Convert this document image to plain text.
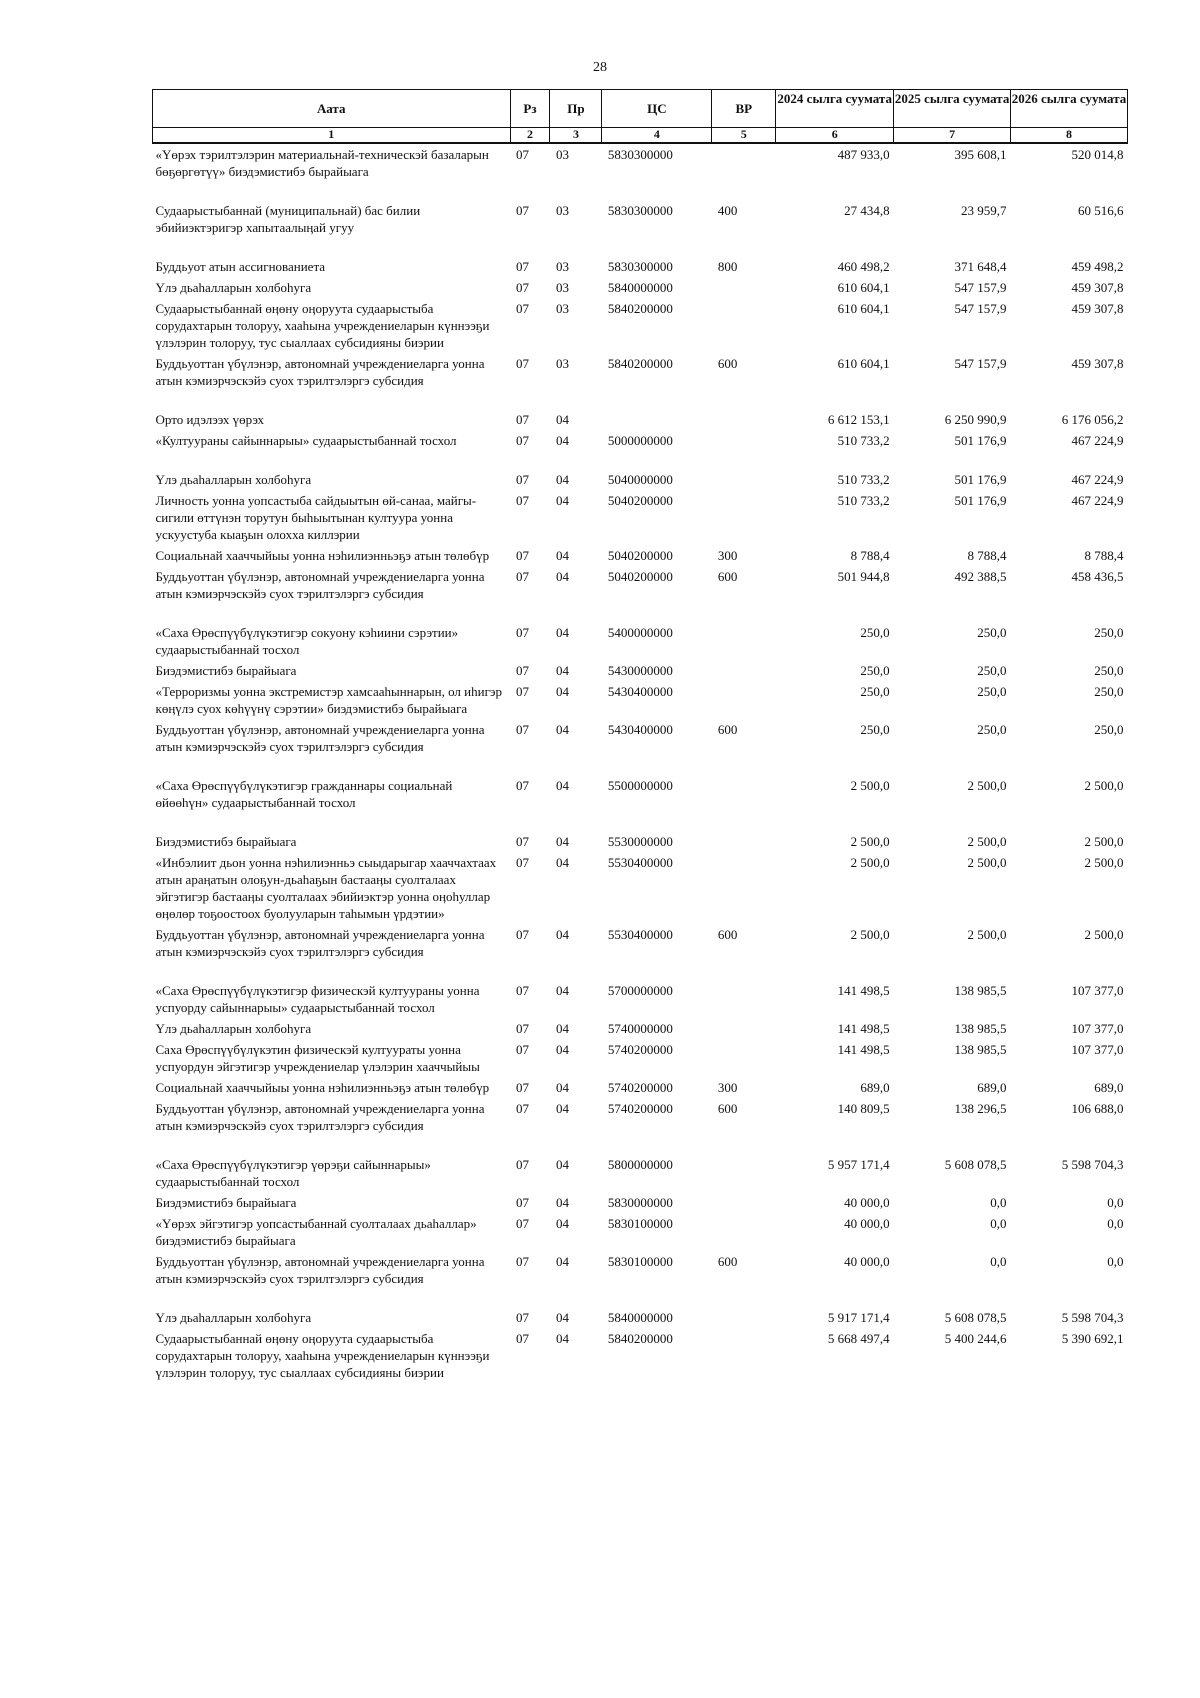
28
Аата	Рз	Пр	ЦС	ВР	2024 сылга суумата	2025 сылга суумата	2026 сылга суумата
1	2	3	4	5	6	7	8
«Үөрэх тэрилтэлэрин материальнай-техническэй базаларын бөҕөргөтүү» биэдэмистибэ бырайыага	07	03	5830300000		487 933,0	395 608,1	520 014,8
Судаарыстыбаннай (муниципальнай) бас билии эбийиэктэригэр хапытаалыӊай угуу	07	03	5830300000	400	27 434,8	23 959,7	60 516,6
Буддьуот атын ассигнованиета	07	03	5830300000	800	460 498,2	371 648,4	459 498,2
Үлэ дьаһалларын холбоһуга	07	03	5840000000		610 604,1	547 157,9	459 307,8
Судаарыстыбаннай өӊөну оӊоруута судаарыстыба сорудахтарын толоруу, хааһына учреждениеларын күннээҕи үлэлэрин толоруу, тус сыаллаах субсидияны биэрии	07	03	5840200000		610 604,1	547 157,9	459 307,8
Буддьуоттан үбүлэнэр, автономнай учреждениеларга уонна атын кэмиэрчэскэйэ суох тэрилтэлэргэ субсидия	07	03	5840200000	600	610 604,1	547 157,9	459 307,8
Орто идэлээх үөрэх	07	04			6 612 153,1	6 250 990,9	6 176 056,2
«Култуураны сайыннарыы» судаарыстыбаннай тосхол	07	04	5000000000		510 733,2	501 176,9	467 224,9
Үлэ дьаһалларын холбоһуга	07	04	5040000000		510 733,2	501 176,9	467 224,9
Личность уонна уопсастыба сайдыытын өй-санаа, майгы-сигили өттүнэн торутун быһыытынан култуура уонна ускуустуба кыаҕын олохха киллэрии	07	04	5040200000		510 733,2	501 176,9	467 224,9
Социальнай хааччыйыы уонна нэһилиэнньэҕэ атын төлөбүр	07	04	5040200000	300	8 788,4	8 788,4	8 788,4
Буддьуоттан үбүлэнэр, автономнай учреждениеларга уонна атын кэмиэрчэскэйэ суох тэрилтэлэргэ субсидия	07	04	5040200000	600	501 944,8	492 388,5	458 436,5
«Саха Өрөспүүбүлүкэтигэр сокуону кэһиини сэрэтии» судаарыстыбаннай тосхол	07	04	5400000000		250,0	250,0	250,0
Биэдэмистибэ бырайыага	07	04	5430000000		250,0	250,0	250,0
«Терроризмы уонна экстремистэр хамсааһыннарын, ол иһигэр көӊүлэ суох көһүүнү сэрэтии» биэдэмистибэ бырайыага	07	04	5430400000		250,0	250,0	250,0
Буддьуоттан үбүлэнэр, автономнай учреждениеларга уонна атын кэмиэрчэскэйэ суох тэрилтэлэргэ субсидия	07	04	5430400000	600	250,0	250,0	250,0
«Саха Өрөспүүбүлүкэтигэр гражданнары социальнай өйөөһүн» судаарыстыбаннай тосхол	07	04	5500000000		2 500,0	2 500,0	2 500,0
Биэдэмистибэ бырайыага	07	04	5530000000		2 500,0	2 500,0	2 500,0
«Инбэлиит дьон уонна нэһилиэнньэ сыыдарыгар хааччахтаах атын араӊатын олоҕун-дьаһаҕын бастааӊы суолталаах эйгэтигэр бастааӊы суолталаах эбийиэктэр уонна оӊоһуллар өӊөлөр тоҕоостоох буолууларын таһымын үрдэтии»	07	04	5530400000		2 500,0	2 500,0	2 500,0
Буддьуоттан үбүлэнэр, автономнай учреждениеларга уонна атын кэмиэрчэскэйэ суох тэрилтэлэргэ субсидия	07	04	5530400000	600	2 500,0	2 500,0	2 500,0
«Саха Өрөспүүбүлүкэтигэр физическэй култуураны уонна успуорду сайыннарыы» судаарыстыбаннай тосхол	07	04	5700000000		141 498,5	138 985,5	107 377,0
Үлэ дьаһалларын холбоһуга	07	04	5740000000		141 498,5	138 985,5	107 377,0
Саха Өрөспүүбүлүкэтин физическэй култуураты уонна успуордун эйгэтигэр учреждениелар үлэлэрин хааччыйыы	07	04	5740200000		141 498,5	138 985,5	107 377,0
Социальнай хааччыйыы уонна нэһилиэнньэҕэ атын төлөбүр	07	04	5740200000	300	689,0	689,0	689,0
Буддьуоттан үбүлэнэр, автономнай учреждениеларга уонна атын кэмиэрчэскэйэ суох тэрилтэлэргэ субсидия	07	04	5740200000	600	140 809,5	138 296,5	106 688,0
«Саха Өрөспүүбүлүкэтигэр үөрэҕи сайыннарыы» судаарыстыбаннай тосхол	07	04	5800000000		5 957 171,4	5 608 078,5	5 598 704,3
Биэдэмистибэ бырайыага	07	04	5830000000		40 000,0	0,0	0,0
«Үөрэх эйгэтигэр уопсастыбаннай суолталаах дьаһаллар» биэдэмистибэ бырайыага	07	04	5830100000		40 000,0	0,0	0,0
Буддьуоттан үбүлэнэр, автономнай учреждениеларга уонна атын кэмиэрчэскэйэ суох тэрилтэлэргэ субсидия	07	04	5830100000	600	40 000,0	0,0	0,0
Үлэ дьаһалларын холбоһуга	07	04	5840000000		5 917 171,4	5 608 078,5	5 598 704,3
Судаарыстыбаннай өӊөну оӊоруута судаарыстыба сорудахтарын толоруу, хааһына учреждениеларын күннээҕи үлэлэрин толоруу, тус сыаллаах субсидияны биэрии	07	04	5840200000		5 668 497,4	5 400 244,6	5 390 692,1
